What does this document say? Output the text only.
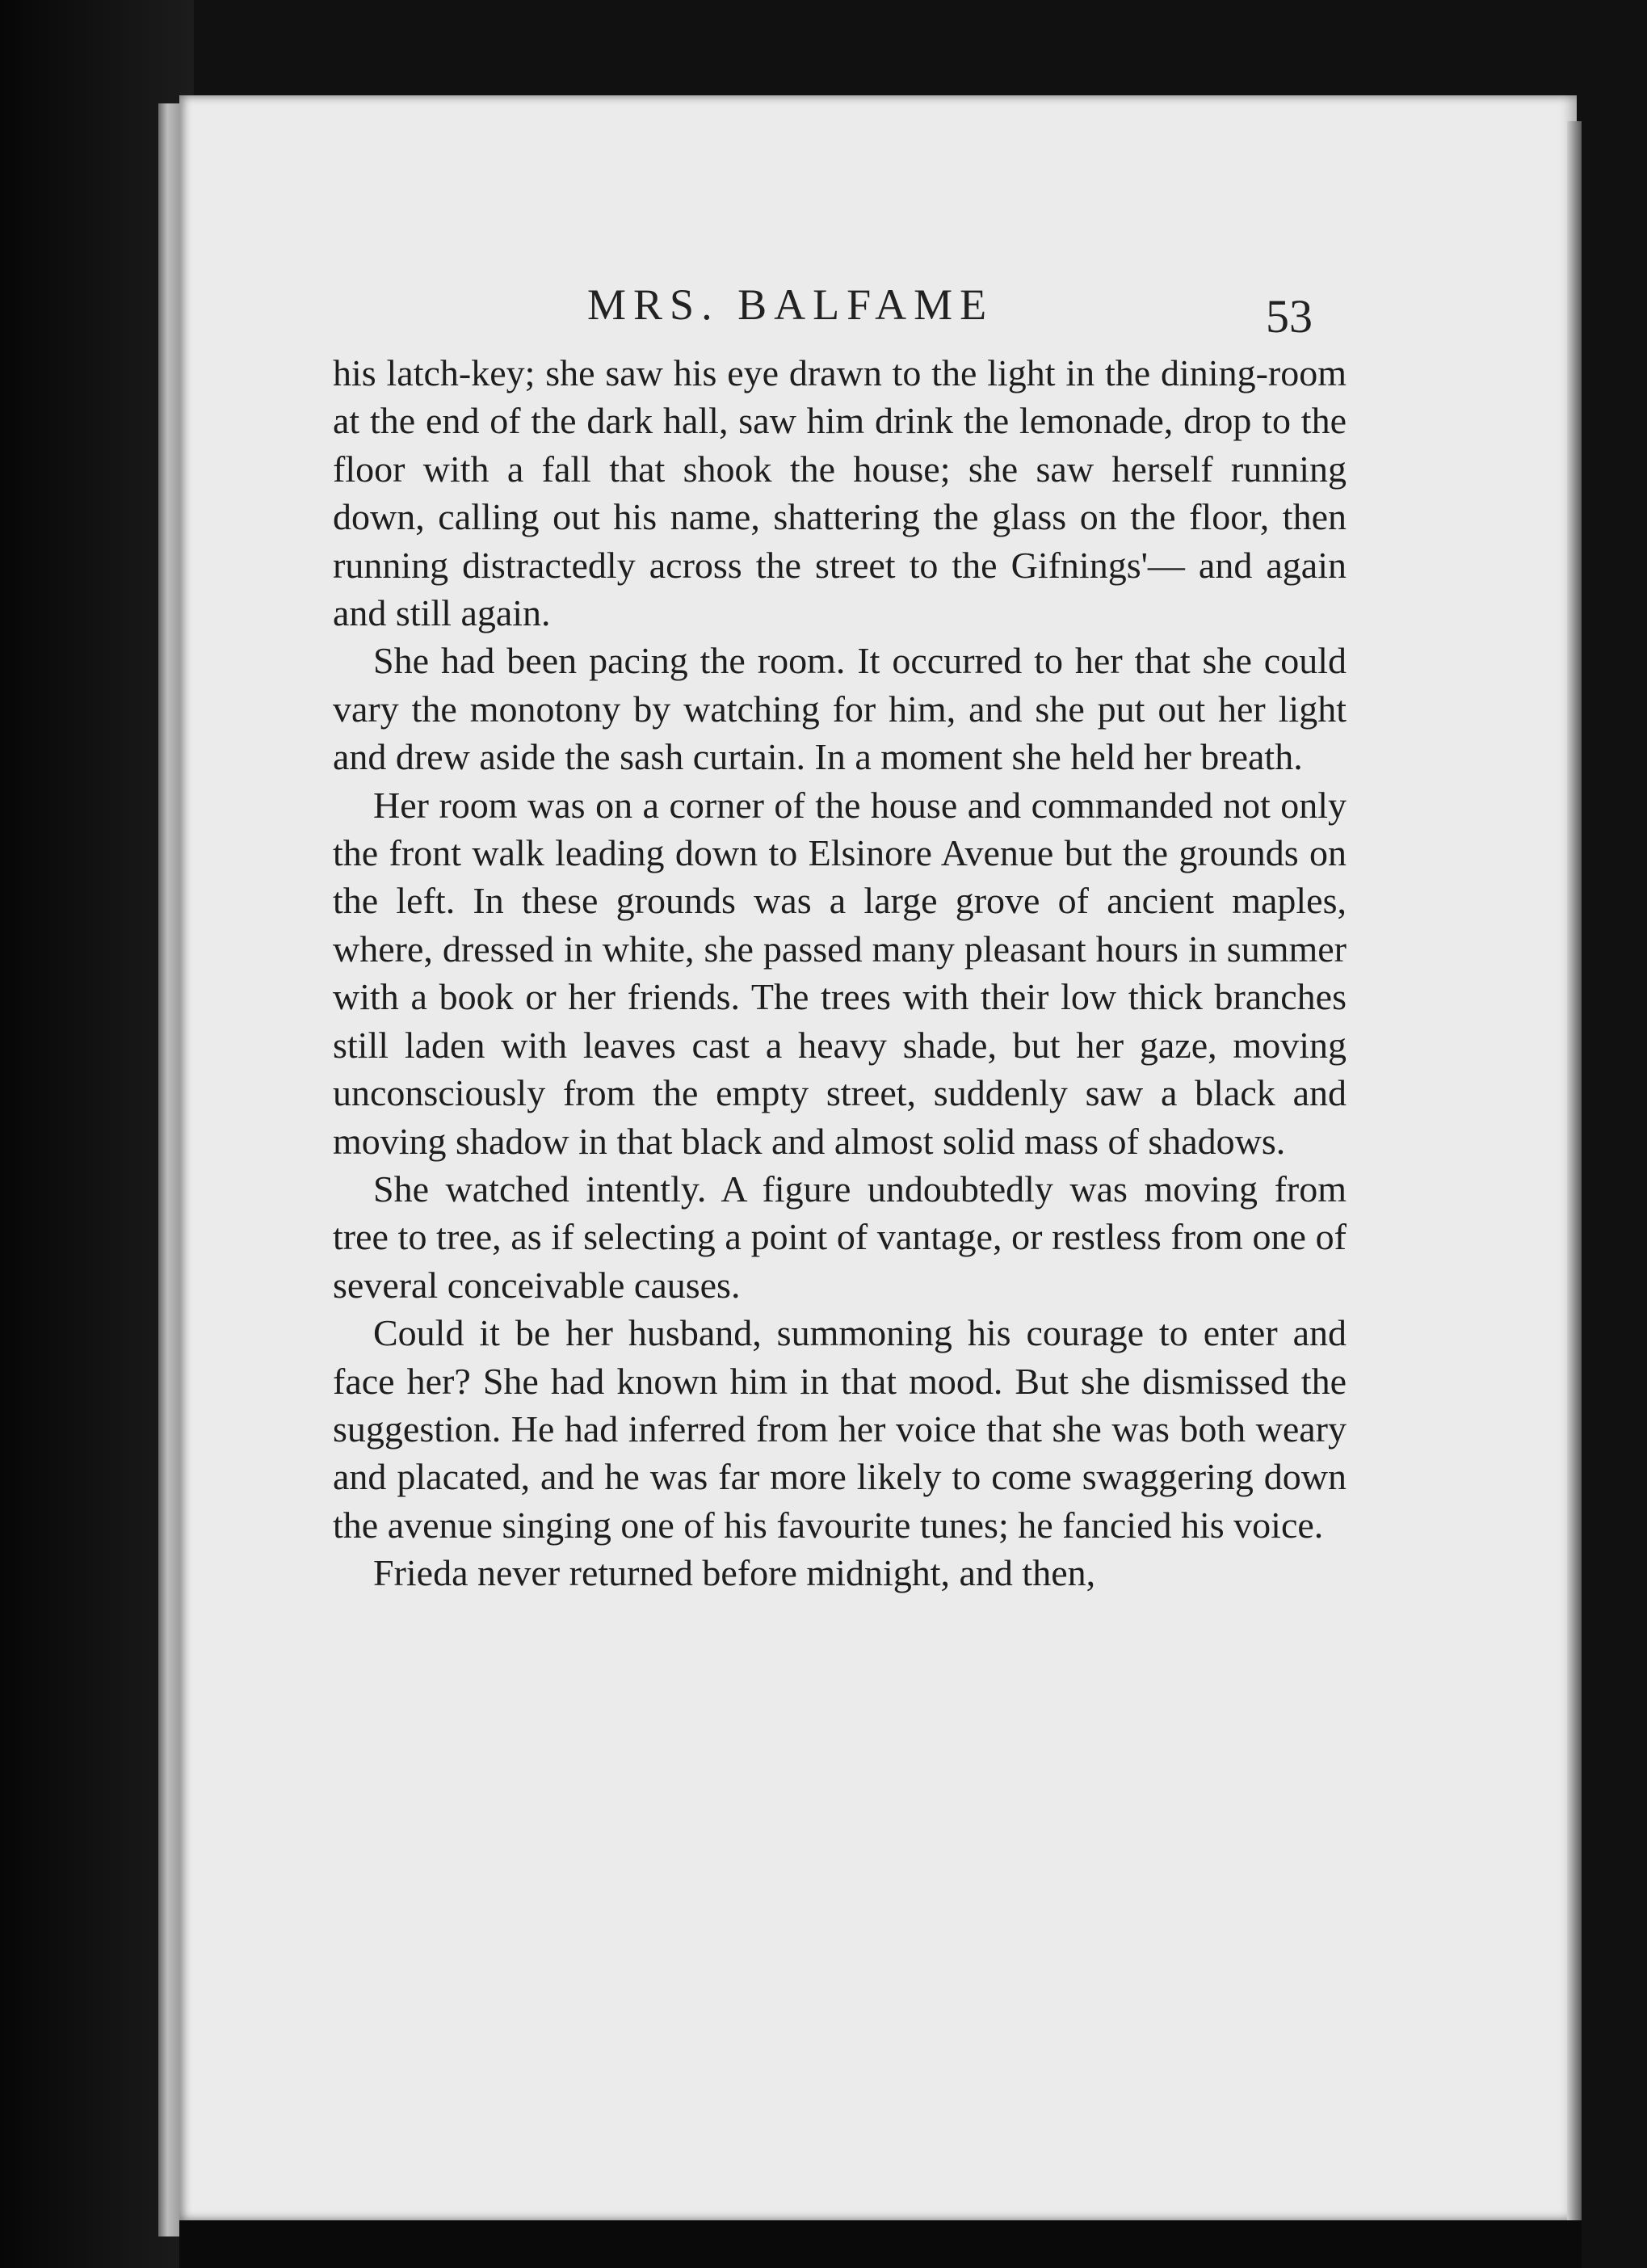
MRS. BALFAME	53

his latch-key; she saw his eye drawn to the light in the dining-room at the end of the dark hall, saw him drink the lemonade, drop to the floor with a fall that shook the house; she saw herself running down, calling out his name, shattering the glass on the floor, then running distractedly across the street to the Gifnings'— and again and still again.

She had been pacing the room. It occurred to her that she could vary the monotony by watching for him, and she put out her light and drew aside the sash curtain. In a moment she held her breath.

Her room was on a corner of the house and commanded not only the front walk leading down to Elsinore Avenue but the grounds on the left. In these grounds was a large grove of ancient maples, where, dressed in white, she passed many pleasant hours in summer with a book or her friends. The trees with their low thick branches still laden with leaves cast a heavy shade, but her gaze, moving unconsciously from the empty street, suddenly saw a black and moving shadow in that black and almost solid mass of shadows.

She watched intently. A figure undoubtedly was moving from tree to tree, as if selecting a point of vantage, or restless from one of several conceivable causes.

Could it be her husband, summoning his courage to enter and face her? She had known him in that mood. But she dismissed the suggestion. He had inferred from her voice that she was both weary and placated, and he was far more likely to come swaggering down the avenue singing one of his favourite tunes; he fancied his voice.

Frieda never returned before midnight, and then,
